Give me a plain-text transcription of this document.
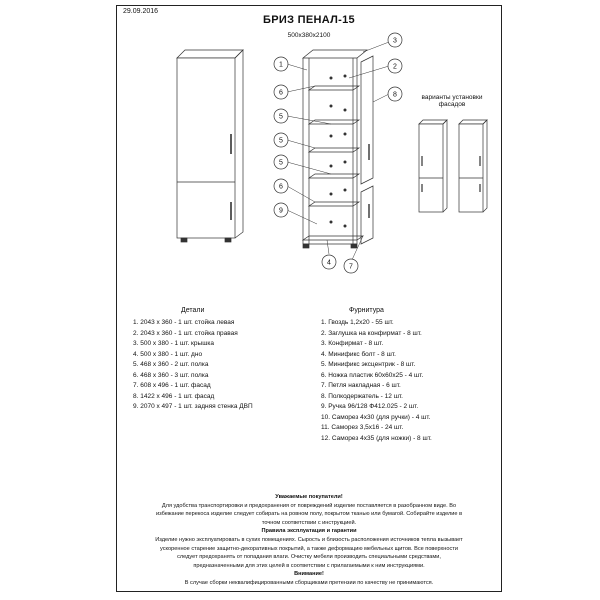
29.09.2016
БРИЗ ПЕНАЛ-15
500х380х2100
1
6
5
5
5
6
9
3
2
8
4
7
варианты установки фасадов
Детали
1. 2043 х 360 - 1 шт. стойка левая
2. 2043 х 360 - 1 шт. стойка правая
3. 500 х 380 - 1 шт. крышка
4. 500 х 380 - 1 шт. дно
5. 468 х 360 - 2 шт. полка
6. 468 х 360 - 3 шт. полка
7. 608 х 496 - 1 шт. фасад
8. 1422 х 496 - 1 шт. фасад
9. 2070 х 497 - 1 шт. задняя стенка ДВП
Фурнитура
1. Гвоздь 1,2х20 - 55 шт.
2. Заглушка на конфирмат - 8 шт.
3. Конфирмат - 8 шт.
4. Минификс болт - 8 шт.
5. Минификс эксцентрик - 8 шт.
6. Ножка пластик 60х60х25 - 4 шт.
7. Петля накладная - 6 шт.
8. Полкодержатель - 12 шт.
9. Ручка 96/128 Ф412.025 - 2 шт.
10. Саморез 4х30 (для ручки) - 4 шт.
11. Саморез 3,5х16 - 24 шт.
12. Саморез 4х35 (для ножки) - 8 шт.
Уважаемые покупатели!
Для удобства транспортировки и предохранения от повреждений изделие поставляется в разобранном виде. Во
избежание перекоса изделие следует собирать на ровном полу, покрытом тканью или бумагой. Собирайте изделие в
точном соответствии с инструкцией.
Правила эксплуатация и гарантии
Изделие нужно эксплуатировать в сухих помещениях. Сырость и близость расположения источников тепла вызывает
ускоренное старение защитно-декоративных покрытий, а также деформацию мебельных щитов. Все поверхности
следует предохранять от попадания влаги. Очистку мебели производить специальными средствами,
предназначенными для этих целей в соответствии с прилагаемыми к ним инструкциями.
Внимание!
В случае сборки неквалифицированными сборщиками претензии по качеству не принимаются.
